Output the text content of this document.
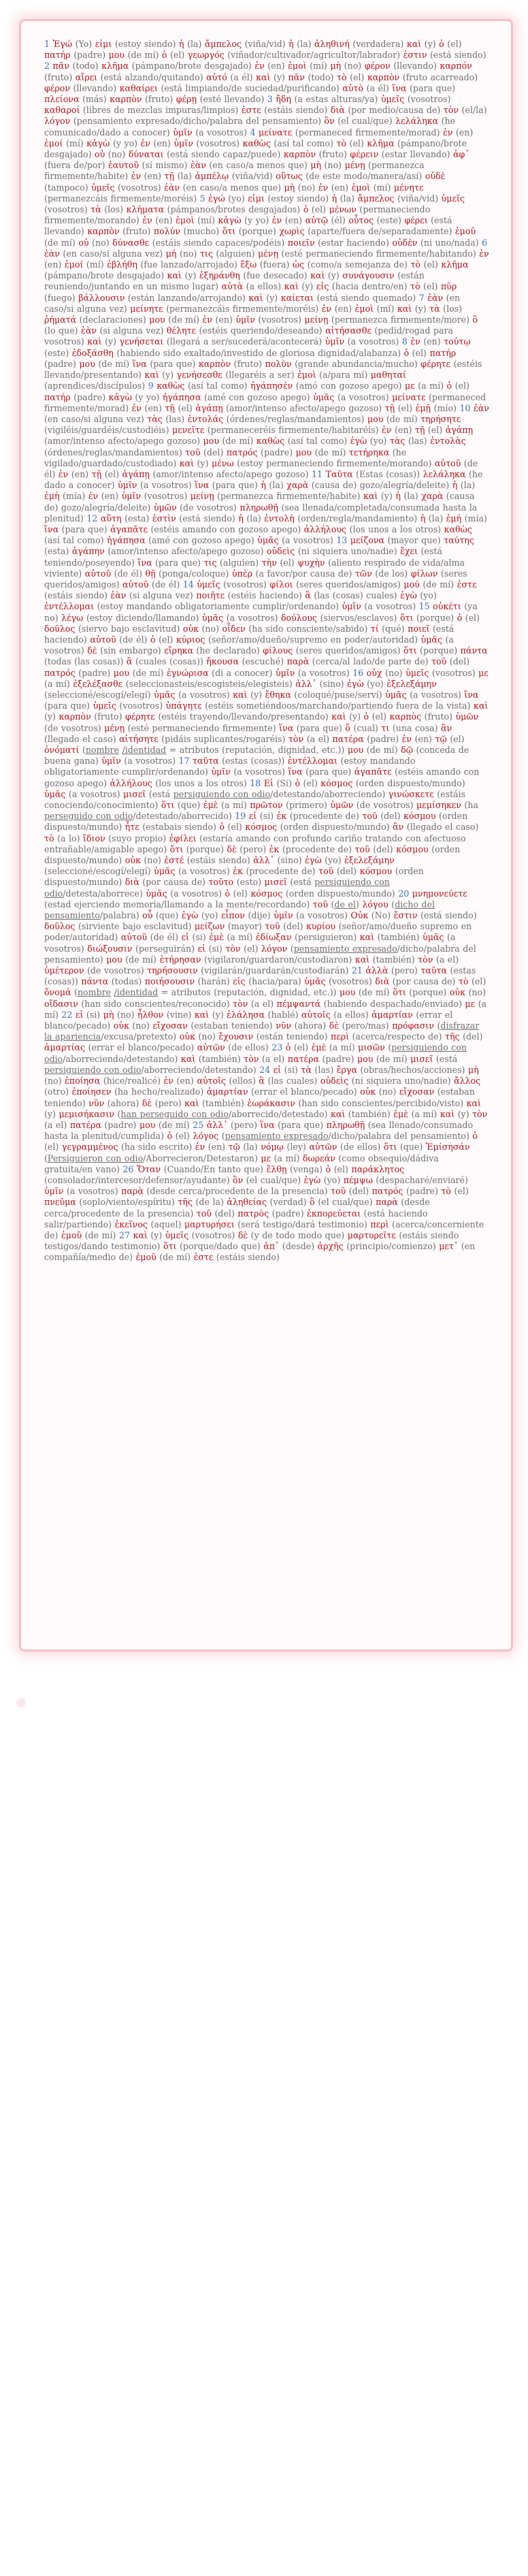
1 Ἐγώ (Yo) εἰμι (estoy siendo) ἡ (la) ἄμπελος (viña/vid) ἡ (la) ἀληθινή (verdadera) καὶ (y) ὁ (el) πατήρ (padre) μου (de mí) ὁ (el) γεωργός (viñador/cultivador/agricultor/labrador) ἐστιν (está siendo) 2 πᾶν (todo) κλῆμα (pámpano/brote desgajado) ἐν (en) ἐμοὶ (mí) μὴ (no) φέρον (llevando) καρπόν (fruto) αἴρει (está alzando/quitando) αὐτό (a él) καὶ (y) πᾶν (todo) τὸ (el) καρπὸν (fruto acarreado) φέρον (llevando) καθαίρει (está limpiando/de suciedad/purificando) αὐτὸ (a él) ἵνα (para que) πλείονα (más) καρπὸν (fruto) φέρῃ (esté llevando) 3 ἤδη (a estas alturas/ya) ὑμεῖς (vosotros) καθαροί (libres de mezclas impuras/limpios) ἐστε (estáis siendo) διὰ (por medio/causa de) τὸν (el/la) λόγον (pensamiento expresado/dicho/palabra del pensamiento) ὃν (el cual/que) λελάληκα (he comunicado/dado a conocer) ὑμῖν (a vosotros) 4 μείνατε (permaneced firmemente/morad) ἐν (en) ἐμοί (mí) κἀγὼ (y yo) ἐν (en) ὑμῖν (vosotros) καθὼς (así tal como) τὸ (el) κλῆμα (pámpano/brote desgajado) οὐ (no) δύναται (está siendo capaz/puede) καρπὸν (fruto) φέρειν (estar llevando) ἀφ᾽ (fuera de/por) ἑαυτοῦ (sí mismo) ἐὰν (en caso/a menos que) μὴ (no) μένῃ (permanezca firmemente/habite) ἐν (en) τῇ (la) ἀμπέλῳ (viña/vid) οὕτως (de este modo/manera/así) οὐδὲ (tampoco) ὑμεῖς (vosotros) ἐὰν (en caso/a menos que) μὴ (no) ἐν (en) ἐμοὶ (mí) μένητε (permanezcáis firmemente/moréis) 5 ἐγώ (yo) εἰμι (estoy siendo) ἡ (la) ἄμπελος (viña/vid) ὑμεῖς (vosotros) τὰ (los) κλήματα (pámpanos/brotes desgajados) ὁ (el) μένων (permaneciendo firmemente/morando) ἐν (en) ἐμοὶ (mí) κἀγὼ (y yo) ἐν (en) αὐτῷ (él) οὗτος (este) φέρει (está llevando) καρπὸν (fruto) πολύν (mucho) ὅτι (porque) χωρὶς (aparte/fuera de/separadamente) ἐμοῦ (de mí) οὐ (no) δύνασθε (estáis siendo capaces/podéis) ποιεῖν (estar haciendo) οὐδέν (ni uno/nada) 6 ἐὰν (en caso/si alguna vez) μή (no) τις (alguien) μένῃ (esté permaneciendo firmemente/habitando) ἐν (en) ἐμοί (mí) ἐβλήθη (fue lanzado/arrojado) ἔξω (fuera) ὡς (como/a semejanza de) τὸ (el) κλῆμα (pámpano/brote desgajado) καὶ (y) ἐξηράνθη (fue desecado) καὶ (y) συνάγουσιν (están reuniendo/juntando en un mismo lugar) αὐτὰ (a ellos) καὶ (y) εἰς (hacia dentro/en) τὸ (el) πῦρ (fuego) βάλλουσιν (están lanzando/arrojando) καὶ (y) καίεται (está siendo quemado) 7 ἐὰν (en caso/si alguna vez) μείνητε (permanezcáis firmemente/moréis) ἐν (en) ἐμοὶ (mí) καὶ (y) τὰ (los) ῥήματά (declaraciones) μου (de mí) ἐν (en) ὑμῖν (vosotros) μείνῃ (permanezca firmemente/more) ὃ (lo que) ἐὰν (si alguna vez) θέλητε (estéis queriendo/deseando) αἰτήσασθε (pedid/rogad para vosotros) καὶ (y) γενήσεται (llegará a ser/sucederá/acontecerá) ὑμῖν (a vosotros) 8 ἐν (en) τούτῳ (este) ἐδοξάσθη (habiendo sido exaltado/investido de gloriosa dignidad/alabanza) ὁ (el) πατήρ (padre) μου (de mí) ἵνα (para que) καρπὸν (fruto) πολὺν (grande abundancia/mucho) φέρητε (estéis llevando/presentando) καὶ (y) γενήσεσθε (llegaréis a ser) ἐμοὶ (a/para mí) μαθηταί (aprendices/discípulos) 9 καθὼς (así tal como) ἠγάπησέν (amó con gozoso apego) με (a mí) ὁ (el) πατήρ (padre) κἀγὼ (y yo) ἠγάπησα (amé con gozoso apego) ὑμᾶς (a vosotros) μείνατε (permaneced firmemente/morad) ἐν (en) τῇ (el) ἀγάπῃ (amor/intenso afecto/apego gozoso) τῇ (el) ἐμῇ (mío) 10 ἐὰν (en caso/si alguna vez) τὰς (las) ἐντολάς (órdenes/reglas/mandamientos) μου (de mí) τηρήσητε (vigiléis/guardéis/custodiéis) μενεῖτε (permaneceréis firmemente/habitaréis) ἐν (en) τῇ (el) ἀγάπῃ (amor/intenso afecto/apego gozoso) μου (de mí) καθὼς (así tal como) ἐγὼ (yo) τὰς (las) ἐντολὰς (órdenes/reglas/mandamientos) τοῦ (del) πατρός (padre) μου (de mí) τετήρηκα (he vigilado/guardado/custodiado) καὶ (y) μένω (estoy permaneciendo firmemente/morando) αὐτοῦ (de él) ἐν (en) τῇ (el) ἀγάπῃ (amor/intenso afecto/apego gozoso) 11 Ταῦτα (Estas (cosas)) λελάληκα (he dado a conocer) ὑμῖν (a vosotros) ἵνα (para que) ἡ (la) χαρὰ (causa de) gozo/alegría/deleite) ἡ (la) ἐμὴ (mía) ἐν (en) ὑμῖν (vosotros) μείνῃ (permanezca firmemente/habite) καὶ (y) ἡ (la) χαρὰ (causa de) gozo/alegría/deleite) ὑμῶν (de vosotros) πληρωθῇ (sea llenada/completada/consumada hasta la plenitud) 12 αὕτη (esta) ἐστὶν (está siendo) ἡ (la) ἐντολὴ (orden/regla/mandamiento) ἡ (la) ἐμή (mía) ἵνα (para que) ἀγαπᾶτε (estéis amando con gozoso apego) ἀλλήλους (los unos a los otros) καθὼς (así tal como) ἠγάπησα (amé con gozoso apego) ὑμᾶς (a vosotros) 13 μείζονα (mayor que) ταύτης (esta) ἀγάπην (amor/intenso afecto/apego gozoso) οὐδεὶς (ni siquiera uno/nadie) ἔχει (está teniendo/poseyendo) ἵνα (para que) τις (alguien) τὴν (el) ψυχὴν (aliento respirado de vida/alma viviente) αὐτοῦ (de él) θῇ (ponga/coloque) ὑπὲρ (a favor/por causa de) τῶν (de los) φίλων (seres queridos/amigos) αὐτοῦ (de él) 14 ὑμεῖς (vosotros) φίλοι (seres queridos/amigos) μού (de mí) ἐστε (estáis siendo) ἐὰν (si alguna vez) ποιῆτε (estéis haciendo) ἃ (las (cosas) cuales) ἐγὼ (yo) ἐντέλλομαι (estoy mandando obligatoriamente cumplir/ordenando) ὑμῖν (a vosotros) 15 οὐκέτι (ya no) λέγω (estoy diciendo/llamando) ὑμᾶς (a vosotros) δούλους (siervos/esclavos) ὅτι (porque) ὁ (el) δοῦλος (siervo bajo esclavitud) οὐκ (no) οἶδεν (ha sido consciente/sabido) τί (qué) ποιεῖ (está haciendo) αὐτοῦ (de él) ὁ (el) κύριος (señor/amo/dueño/supremo en poder/autoridad) ὑμᾶς (a vosotros) δὲ (sin embargo) εἴρηκα (he declarado) φίλους (seres queridos/amigos) ὅτι (porque) πάντα (todas (las cosas)) ἃ (cuales (cosas)) ἤκουσα (escuché) παρὰ (cerca/al lado/de parte de) τοῦ (del) πατρός (padre) μου (de mí) ἐγνώρισα (di a conocer) ὑμῖν (a vosotros) 16 οὐχ (no) ὑμεῖς (vosotros) με (a mí) ἐξελέξασθε (seleccionasteis/escogisteis/elegisteis) ἀλλ᾽ (sino) ἐγὼ (yo) ἐξελεξάμην (seleccioné/escogí/elegí) ὑμᾶς (a vosotros) καὶ (y) ἔθηκα (coloqué/puse/serví) ὑμᾶς (a vosotros) ἵνα (para que) ὑμεῖς (vosotros) ὑπάγητε (estéis sometiéndoos/marchando/partiendo fuera de la vista) καὶ (y) καρπὸν (fruto) φέρητε (estéis trayendo/llevando/presentando) καὶ (y) ὁ (el) καρπὸς (fruto) ὑμῶν (de vosotros) μένῃ (esté permaneciendo firmemente) ἵνα (para que) ὅ (cual) τι (una cosa) ἂν (llegado el caso) αἰτήσητε (pidáis suplicantes/rogaréis) τὸν (a el) πατέρα (padre) ἐν (en) τῷ (el) ὀνόματί (nombre /identidad = atributos (reputación, dignidad, etc.)) μου (de mí) δῷ (conceda de buena gana) ὑμῖν (a vosotros) 17 ταῦτα (estas (cosas)) ἐντέλλομαι (estoy mandando obligatoriamente cumplir/ordenando) ὑμῖν (a vosotros) ἵνα (para que) ἀγαπᾶτε (estéis amando con gozoso apego) ἀλλήλους (los unos a los otros) 18 Εἰ (Si) ὁ (el) κόσμος (orden dispuesto/mundo) ὑμᾶς (a vosotros) μισεῖ (está persiguiendo con odio/detestando/aborreciendo) γινώσκετε (estáis conociendo/conocimiento) ὅτι (que) ἐμὲ (a mí) πρῶτον (primero) ὑμῶν (de vosotros) μεμίσηκεν (ha perseguido con odio/detestado/aborrecido) 19 εἰ (si) ἐκ (procedente de) τοῦ (del) κόσμου (orden dispuesto/mundo) ἦτε (estabais siendo) ὁ (el) κόσμος (orden dispuesto/mundo) ἂν (llegado el caso) τὸ (a lo) ἴδιον (suyo propio) ἐφίλει (estaría amando con profundo cariño tratando con afectuoso entrañable/amigable apego) ὅτι (porque) δὲ (pero) ἐκ (procedente de) τοῦ (del) κόσμου (orden dispuesto/mundo) οὐκ (no) ἐστέ (estáis siendo) ἀλλ᾽ (sino) ἐγὼ (yo) ἐξελεξάμην (seleccioné/escogí/elegí) ὑμᾶς (a vosotros) ἐκ (procedente de) τοῦ (del) κόσμου (orden dispuesto/mundo) διὰ (por causa de) τοῦτο (esto) μισεῖ (está persiguiendo con odio/detesta/aborrece) ὑμᾶς (a vosotros) ὁ (el) κόσμος (orden dispuesto/mundo) 20 μνημονεύετε (estad ejerciendo memoria/llamando a la mente/recordando) τοῦ (de el) λόγου (dicho del pensamiento/palabra) οὗ (que) ἐγὼ (yo) εἶπον (dije) ὑμῖν (a vosotros) Οὐκ (No) ἔστιν (está siendo) δοῦλος (sirviente bajo esclavitud) μείζων (mayor) τοῦ (del) κυρίου (señor/amo/dueño supremo en poder/autoridad) αὐτοῦ (de él) εἰ (si) ἐμὲ (a mí) ἐδίωξαν (persiguieron) καὶ (también) ὑμᾶς (a vosotros) διώξουσιν (perseguirán) εἰ (si) τὸν (el) λόγον (pensamiento expresado/dicho/palabra del pensamiento) μου (de mí) ἐτήρησαν (vigilaron/guardaron/custodiaron) καὶ (también) τὸν (a el) ὑμέτερον (de vosotros) τηρήσουσιν (vigilarán/guardarán/custodiarán) 21 ἀλλὰ (pero) ταῦτα (estas (cosas)) πάντα (todas) ποιήσουσιν (harán) εἰς (hacia/para) ὑμᾶς (vosotros) διὰ (por causa de) τὸ (el) ὄνομά (nombre /identidad = atributos (reputación, dignidad, etc.)) μου (de mí) ὅτι (porque) οὐκ (no) οἴδασιν (han sido conscientes/reconocido) τὸν (a el) πέμψαντά (habiendo despachado/enviado) με (a mí) 22 εἰ (si) μὴ (no) ἦλθον (vine) καὶ (y) ἐλάλησα (hablé) αὐτοῖς (a ellos) ἁμαρτίαν (errar el blanco/pecado) οὐκ (no) εἴχοσαν (estaban teniendo) νῦν (ahora) δὲ (pero/mas) πρόφασιν (disfrazar la apariencia/excusa/pretexto) οὐκ (no) ἔχουσιν (están teniendo) περὶ (acerca/respecto de) τῆς (del) ἁμαρτίας (errar el blanco/pecado) αὐτῶν (de ellos) 23 ὁ (el) ἐμὲ (a mí) μισῶν (persiguiendo con odio/aborreciendo/detestando) καὶ (también) τὸν (a el) πατέρα (padre) μου (de mí) μισεῖ (está persiguiendo con odio/aborreciendo/detestando) 24 εἰ (si) τὰ (las) ἔργα (obras/hechos/acciones) μὴ (no) ἐποίησα (hice/realicé) ἐν (en) αὐτοῖς (ellos) ἃ (las cuales) οὐδεὶς (ni siquiera uno/nadie) ἄλλος (otro) ἐποίησεν (ha hecho/realizado) ἁμαρτίαν (errar el blanco/pecado) οὐκ (no) εἴχοσαν (estaban teniendo) νῦν (ahora) δὲ (pero) καὶ (también) ἑωράκασιν (han sido conscientes/percibido/visto) καὶ (y) μεμισήκασιν (han perseguido con odio/aborrecido/detestado) καὶ (también) ἐμὲ (a mí) καὶ (y) τὸν (a el) πατέρα (padre) μου (de mí) 25 ἀλλ᾽ (pero) ἵνα (para que) πληρωθῇ (sea llenado/consumado hasta la plenitud/cumplida) ὁ (el) λόγος (pensamiento expresado/dicho/palabra del pensamiento) ὁ (el) γεγραμμένος (ha sido escrito) ἐν (en) τῷ (la) νόμῳ (ley) αὐτῶν (de ellos) ὅτι (que) Ἐμίσησάν (Persiguieron con odio/Aborrecieron/Detestaron) με (a mí) δωρεάν (como obsequio/dádiva gratuita/en vano) 26 Ὅταν (Cuando/En tanto que) ἔλθῃ (venga) ὁ (el) παράκλητος (consolador/intercesor/defensor/ayudante) ὃν (el cual/que) ἐγὼ (yo) πέμψω (despacharé/enviaré) ὑμῖν (a vosotros) παρὰ (desde cerca/procedente de la presencia) τοῦ (del) πατρός (padre) τὸ (el) πνεῦμα (soplo/viento/espíritu) τῆς (de la) ἀληθείας (verdad) ὃ (el cual/que) παρὰ (desde cerca/procedente de la presencia) τοῦ (del) πατρὸς (padre) ἐκπορεύεται (está haciendo salir/partiendo) ἐκεῖνος (aquel) μαρτυρήσει (será testigo/dará testimonio) περὶ (acerca/concerniente de) ἐμοῦ (de mí) 27 καὶ (y) ὑμεῖς (vosotros) δὲ (y de todo modo que) μαρτυρεῖτε (estáis siendo testigos/dando testimonio) ὅτι (porque/dado que) ἀπ᾽ (desde) ἀρχῆς (principio/comienzo) μετ᾽ (en compañía/medio de) ἐμοῦ (de mí) ἐστε (estáis siendo)
